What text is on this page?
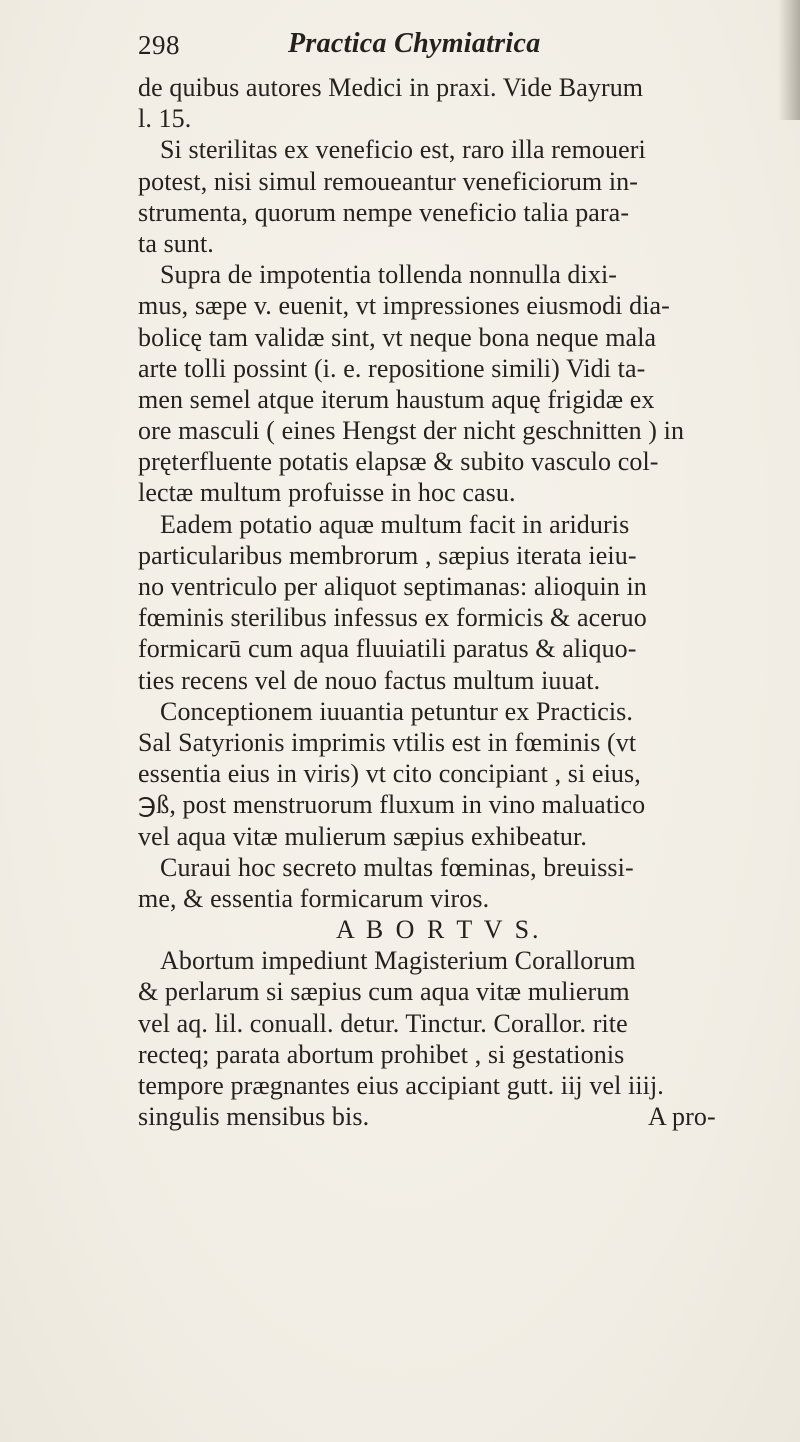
298	Practica Chymiatrica
de quibus autores Medici in praxi. Vide Bayrum
l. 15.
Si sterilitas ex veneficio est, raro illa remoueri
potest, nisi simul remoueantur veneficiorum in-
strumenta, quorum nempe veneficio talia para-
ta sunt.
Supra de impotentia tollenda nonnulla dixi-
mus, sæpe v. euenit, vt impressiones eiusmodi dia-
bolicę tam validæ sint, vt neque bona neque mala
arte tolli possint (i. e. repositione simili) Vidi ta-
men semel atque iterum haustum aquę frigidæ ex
ore masculi ( eines Hengst der nicht geschnitten ) in
pręterfluente potatis elapsæ & subito vasculo col-
lectæ multum profuisse in hoc casu.
Eadem potatio aquæ multum facit in ariduris
particularibus membrorum , sæpius iterata ieiu-
no ventriculo per aliquot septimanas: alioquin in
fœminis sterilibus infessus ex formicis & aceruo
formicarū cum aqua fluuiatili paratus & aliquo-
ties recens vel de nouo factus multum iuuat.
Conceptionem iuuantia petuntur ex Practicis.
Sal Satyrionis imprimis vtilis est in fœminis (vt
essentia eius in viris) vt cito concipiant , si eius,
℈ß, post menstruorum fluxum in vino maluatico
vel aqua vitæ mulierum sæpius exhibeatur.
Curaui hoc secreto multas fœminas, breuissi-
me, & essentia formicarum viros.
A B O R T V S.
Abortum impediunt Magisterium Corallorum
& perlarum si sæpius cum aqua vitæ mulierum
vel aq. lil. conuall. detur. Tinctur. Corallor. rite
recteq; parata abortum prohibet , si gestationis
tempore prægnantes eius accipiant gutt. iij vel iiij.
singulis mensibus bis.	A pro-
